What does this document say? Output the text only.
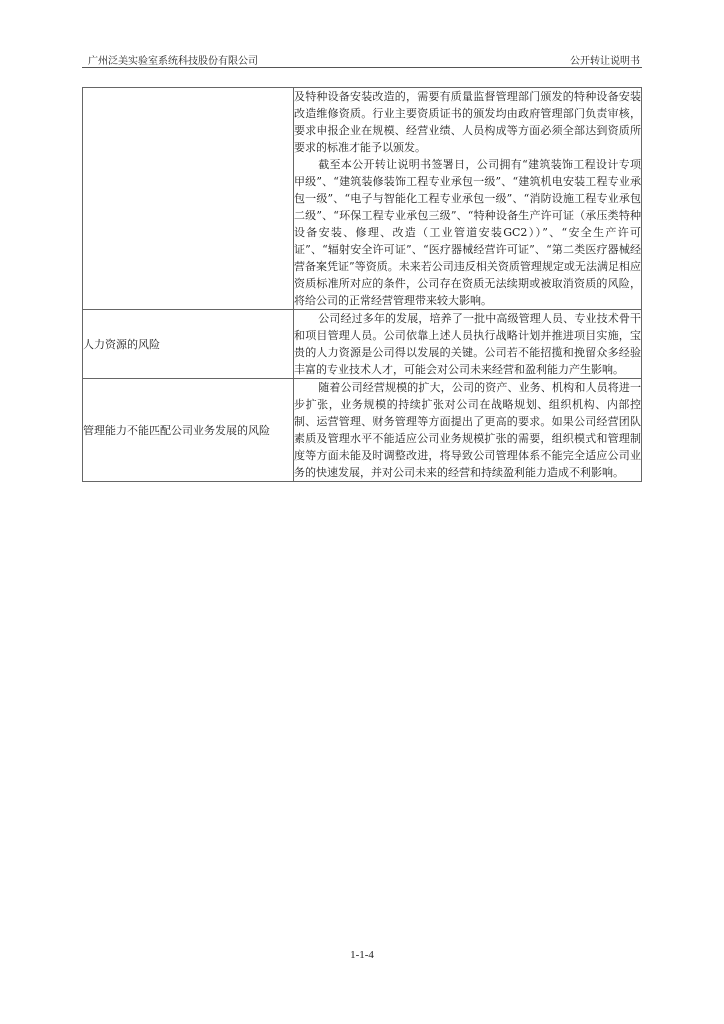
广州泛美实验室系统科技股份有限公司	公开转让说明书

	及特种设备安装改造的，需要有质量监督管理部门颁发的特种设备安装改造维修资质。行业主要资质证书的颁发均由政府管理部门负责审核，要求申报企业在规模、经营业绩、人员构成等方面必须全部达到资质所要求的标准才能予以颁发。

截至本公开转让说明书签署日，公司拥有“建筑装饰工程设计专项甲级”、“建筑装修装饰工程专业承包一级”、“建筑机电安装工程专业承包一级”、“电子与智能化工程专业承包一级”、“消防设施工程专业承包二级”、“环保工程专业承包三级”、“特种设备生产许可证（承压类特种设备安装、修理、改造（工业管道安装GC2））”、“安全生产许可证”、“辐射安全许可证”、“医疗器械经营许可证”、“第二类医疗器械经营备案凭证”等资质。未来若公司违反相关资质管理规定或无法满足相应资质标准所对应的条件，公司存在资质无法续期或被取消资质的风险，将给公司的正常经营管理带来较大影响。

人力资源的风险	公司经过多年的发展，培养了一批中高级管理人员、专业技术骨干和项目管理人员。公司依靠上述人员执行战略计划并推进项目实施，宝贵的人力资源是公司得以发展的关键。公司若不能招揽和挽留众多经验丰富的专业技术人才，可能会对公司未来经营和盈利能力产生影响。

管理能力不能匹配公司业务发展的风险	随着公司经营规模的扩大，公司的资产、业务、机构和人员将进一步扩张，业务规模的持续扩张对公司在战略规划、组织机构、内部控制、运营管理、财务管理等方面提出了更高的要求。如果公司经营团队素质及管理水平不能适应公司业务规模扩张的需要，组织模式和管理制度等方面未能及时调整改进，将导致公司管理体系不能完全适应公司业务的快速发展，并对公司未来的经营和持续盈利能力造成不利影响。

1-1-4
